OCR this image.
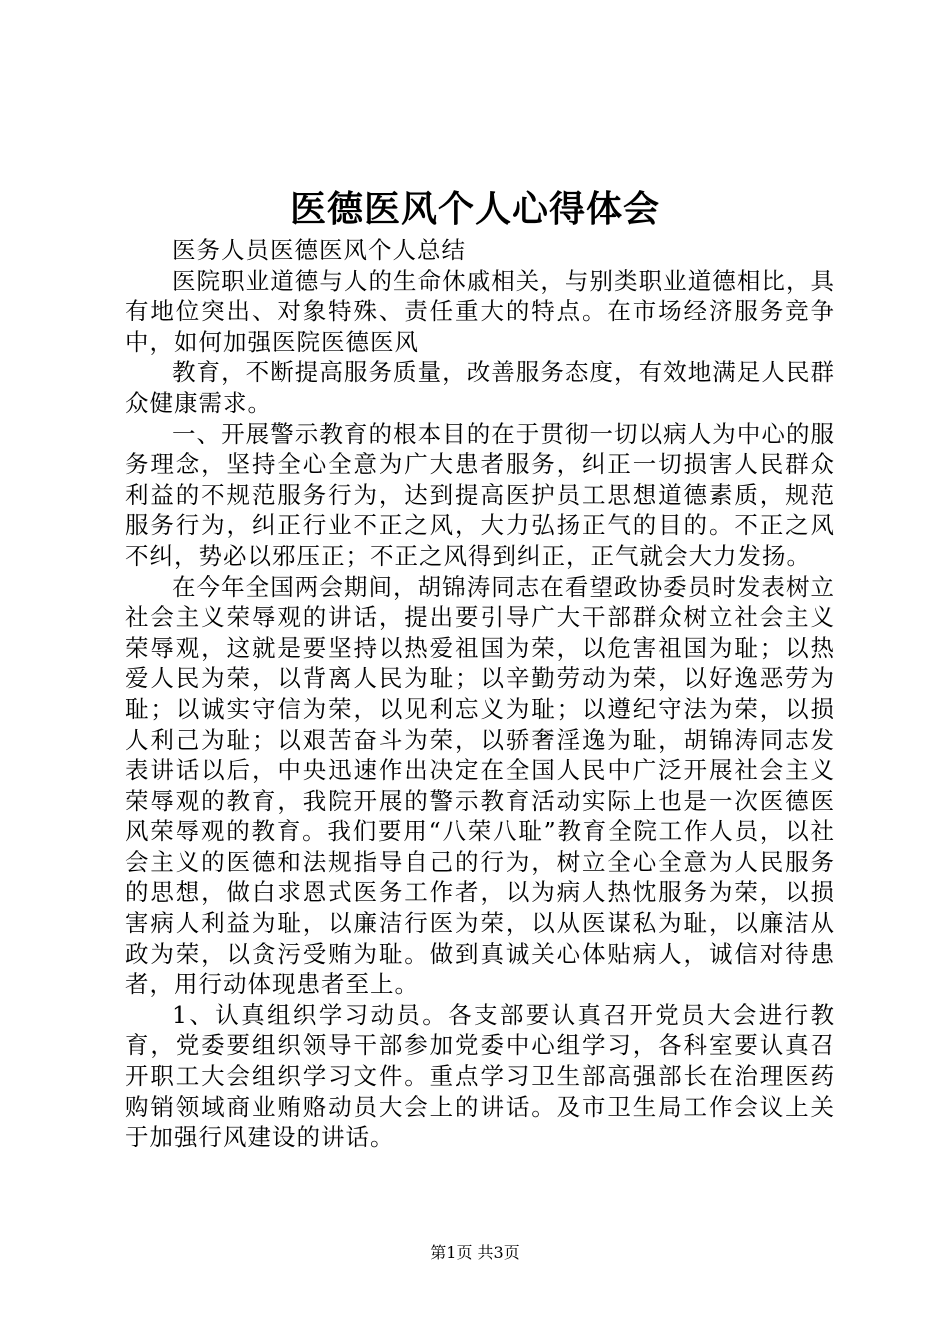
医德医风个人心得体会

医务人员医德医风个人总结

医院职业道德与人的生命休戚相关，与别类职业道德相比，具有地位突出、对象特殊、责任重大的特点。在市场经济服务竞争中，如何加强医院医德医风

教育，不断提高服务质量，改善服务态度，有效地满足人民群众健康需求。

一、开展警示教育的根本目的在于贯彻一切以病人为中心的服务理念，坚持全心全意为广大患者服务，纠正一切损害人民群众利益的不规范服务行为，达到提高医护员工思想道德素质，规范服务行为，纠正行业不正之风，大力弘扬正气的目的。不正之风不纠，势必以邪压正；不正之风得到纠正，正气就会大力发扬。

在今年全国两会期间，胡锦涛同志在看望政协委员时发表树立社会主义荣辱观的讲话，提出要引导广大干部群众树立社会主义荣辱观，这就是要坚持以热爱祖国为荣，以危害祖国为耻；以热爱人民为荣，以背离人民为耻；以辛勤劳动为荣，以好逸恶劳为耻；以诚实守信为荣，以见利忘义为耻；以遵纪守法为荣，以损人利己为耻；以艰苦奋斗为荣，以骄奢淫逸为耻，胡锦涛同志发表讲话以后，中央迅速作出决定在全国人民中广泛开展社会主义荣辱观的教育，我院开展的警示教育活动实际上也是一次医德医风荣辱观的教育。我们要用“八荣八耻”教育全院工作人员，以社会主义的医德和法规指导自己的行为，树立全心全意为人民服务的思想，做白求恩式医务工作者，以为病人热忱服务为荣，以损害病人利益为耻，以廉洁行医为荣，以从医谋私为耻，以廉洁从政为荣，以贪污受贿为耻。做到真诚关心体贴病人，诚信对待患者，用行动体现患者至上。

1、认真组织学习动员。各支部要认真召开党员大会进行教育，党委要组织领导干部参加党委中心组学习，各科室要认真召开职工大会组织学习文件。重点学习卫生部高强部长在治理医药购销领域商业贿赂动员大会上的讲话。及市卫生局工作会议上关于加强行风建设的讲话。

第1页 共3页
